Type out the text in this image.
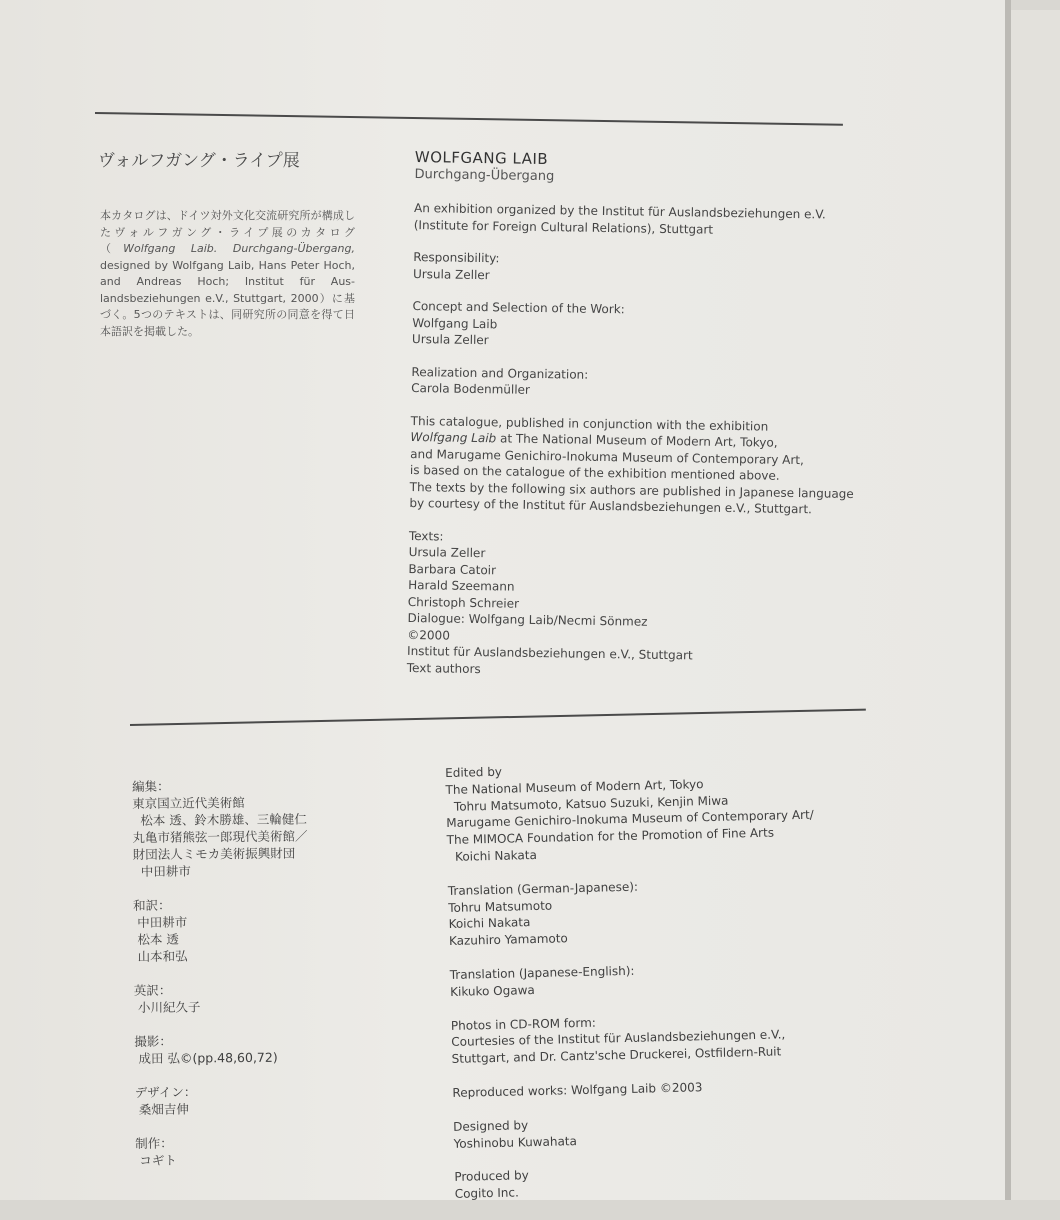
ヴォルフガング・ライプ展

本カタログは、ドイツ対外文化交流研究所が構成したヴォルフガング・ライプ展のカタログ（Wolfgang Laib. Durchgang-Übergang, designed by Wolfgang Laib, Hans Peter Hoch, and Andreas Hoch; Institut für Aus-landsbeziehungen e.V., Stuttgart, 2000）に基づく。5つのテキストは、同研究所の同意を得て日本語訳を掲載した。

WOLFGANG LAIB
Durchgang-Übergang
An exhibition organized by the Institut für Auslandsbeziehungen e.V.
(Institute for Foreign Cultural Relations), Stuttgart
Responsibility:
Ursula Zeller
Concept and Selection of the Work:
Wolfgang Laib
Ursula Zeller
Realization and Organization:
Carola Bodenmüller
This catalogue, published in conjunction with the exhibition
Wolfgang Laib at The National Museum of Modern Art, Tokyo,
and Marugame Genichiro-Inokuma Museum of Contemporary Art,
is based on the catalogue of the exhibition mentioned above.
The texts by the following six authors are published in Japanese language
by courtesy of the Institut für Auslandsbeziehungen e.V., Stuttgart.
Texts:
Ursula Zeller
Barbara Catoir
Harald Szeemann
Christoph Schreier
Dialogue: Wolfgang Laib/Necmi Sönmez
©2000
Institut für Auslandsbeziehungen e.V., Stuttgart
Text authors
編集：
東京国立近代美術館
松本 透、鈴木勝雄、三輪健仁
丸亀市猪熊弦一郎現代美術館／
財団法人ミモカ美術振興財団
中田耕市
和訳：
中田耕市
松本 透
山本和弘
英訳：
小川紀久子
撮影：
成田 弘©(pp.48,60,72)
デザイン：
桑畑吉伸
制作：
コギト
Edited by
The National Museum of Modern Art, Tokyo
Tohru Matsumoto, Katsuo Suzuki, Kenjin Miwa
Marugame Genichiro-Inokuma Museum of Contemporary Art/
The MIMOCA Foundation for the Promotion of Fine Arts
Koichi Nakata
Translation (German-Japanese):
Tohru Matsumoto
Koichi Nakata
Kazuhiro Yamamoto
Translation (Japanese-English):
Kikuko Ogawa
Photos in CD-ROM form:
Courtesies of the Institut für Auslandsbeziehungen e.V.,
Stuttgart, and Dr. Cantz'sche Druckerei, Ostfildern-Ruit
Reproduced works: Wolfgang Laib ©2003
Designed by
Yoshinobu Kuwahata
Produced by
Cogito Inc.
